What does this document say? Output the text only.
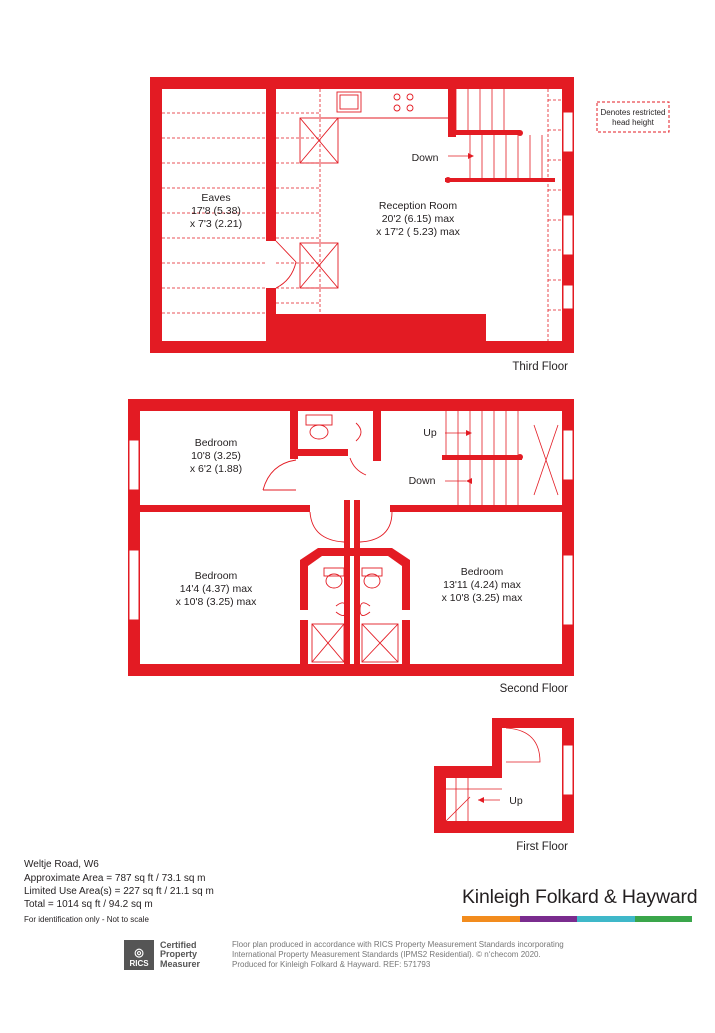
Eaves
17'8 (5.38)
x 7'3 (2.21)
Reception Room
20'2 (6.15) max
x 17'2 ( 5.23) max
Down
Third Floor
Denotes restricted
head height
Bedroom
10'8 (3.25)
x 6'2 (1.88)
Bedroom
14'4 (4.37) max
x 10'8 (3.25) max
Bedroom
13'11 (4.24) max
x 10'8 (3.25) max
Up
Down
Second Floor
Up
First Floor
Weltje Road, W6
Approximate Area = 787 sq ft / 73.1 sq m
Limited Use Area(s) = 227 sq ft / 21.1 sq m
Total = 1014 sq ft / 94.2 sq m
For identification only - Not to scale
Kinleigh Folkard & Hayward
◎
RICS
Certified
Property
Measurer
Floor plan produced in accordance with RICS Property Measurement Standards incorporating
International Property Measurement Standards (IPMS2 Residential). © n‘checom 2020.
Produced for Kinleigh Folkard & Hayward. REF: 571793
